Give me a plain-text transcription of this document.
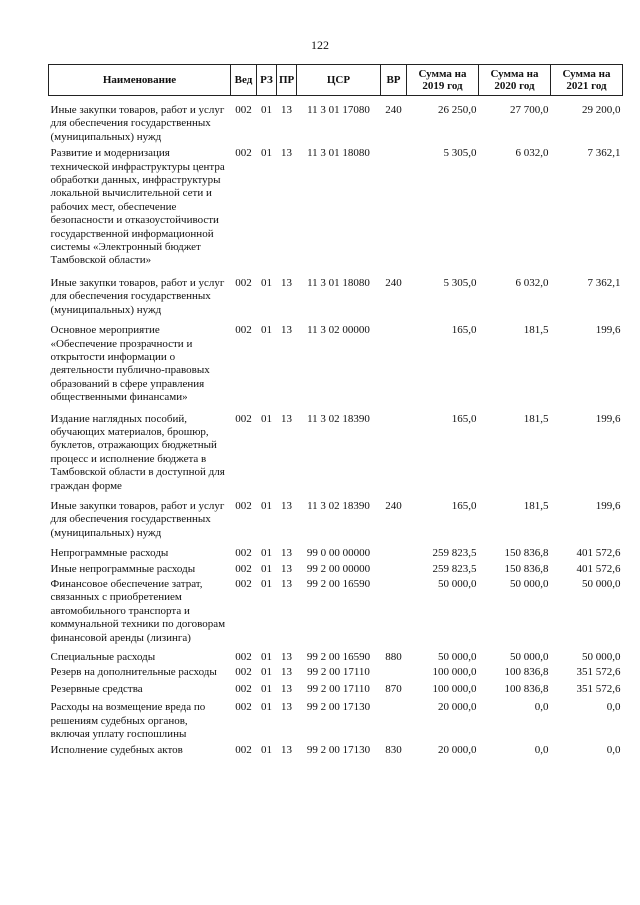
122
Наименование	Вед	РЗ	ПР	ЦСР	ВР	Сумма на 2019 год	Сумма на 2020 год	Сумма на 2021 год

Иные закупки товаров, работ и услуг для обеспечения государственных (муниципальных) нужд	002	01	13	11 3 01 17080	240	26 250,0	27 700,0	29 200,0
Развитие и модернизация технической инфраструктуры центра обработки данных, инфраструктуры локальной вычислительной сети и рабочих мест, обеспечение безопасности и отказоустойчивости государственной информационной системы «Электронный бюджет Тамбовской области»	002	01	13	11 3 01 18080		5 305,0	6 032,0	7 362,1
Иные закупки товаров, работ и услуг для обеспечения государственных (муниципальных) нужд	002	01	13	11 3 01 18080	240	5 305,0	6 032,0	7 362,1
Основное мероприятие «Обеспечение прозрачности и открытости информации о деятельности публично-правовых образований в сфере управления общественными финансами»	002	01	13	11 3 02 00000		165,0	181,5	199,6
Издание наглядных пособий, обучающих материалов, брошюр, буклетов, отражающих бюджетный процесс и исполнение бюджета в Тамбовской области в доступной для граждан форме	002	01	13	11 3 02 18390		165,0	181,5	199,6
Иные закупки товаров, работ и услуг для обеспечения государственных (муниципальных) нужд	002	01	13	11 3 02 18390	240	165,0	181,5	199,6
Непрограммные расходы	002	01	13	99 0 00 00000		259 823,5	150 836,8	401 572,6
Иные непрограммные расходы	002	01	13	99 2 00 00000		259 823,5	150 836,8	401 572,6
Финансовое обеспечение затрат, связанных с приобретением автомобильного транспорта и коммунальной техники по договорам финансовой аренды (лизинга)	002	01	13	99 2 00 16590		50 000,0	50 000,0	50 000,0
Специальные расходы	002	01	13	99 2 00 16590	880	50 000,0	50 000,0	50 000,0
Резерв на дополнительные расходы	002	01	13	99 2 00 17110		100 000,0	100 836,8	351 572,6
Резервные средства	002	01	13	99 2 00 17110	870	100 000,0	100 836,8	351 572,6
Расходы на возмещение вреда по решениям судебных органов, включая уплату госпошлины	002	01	13	99 2 00 17130		20 000,0	0,0	0,0
Исполнение судебных актов	002	01	13	99 2 00 17130	830	20 000,0	0,0	0,0
